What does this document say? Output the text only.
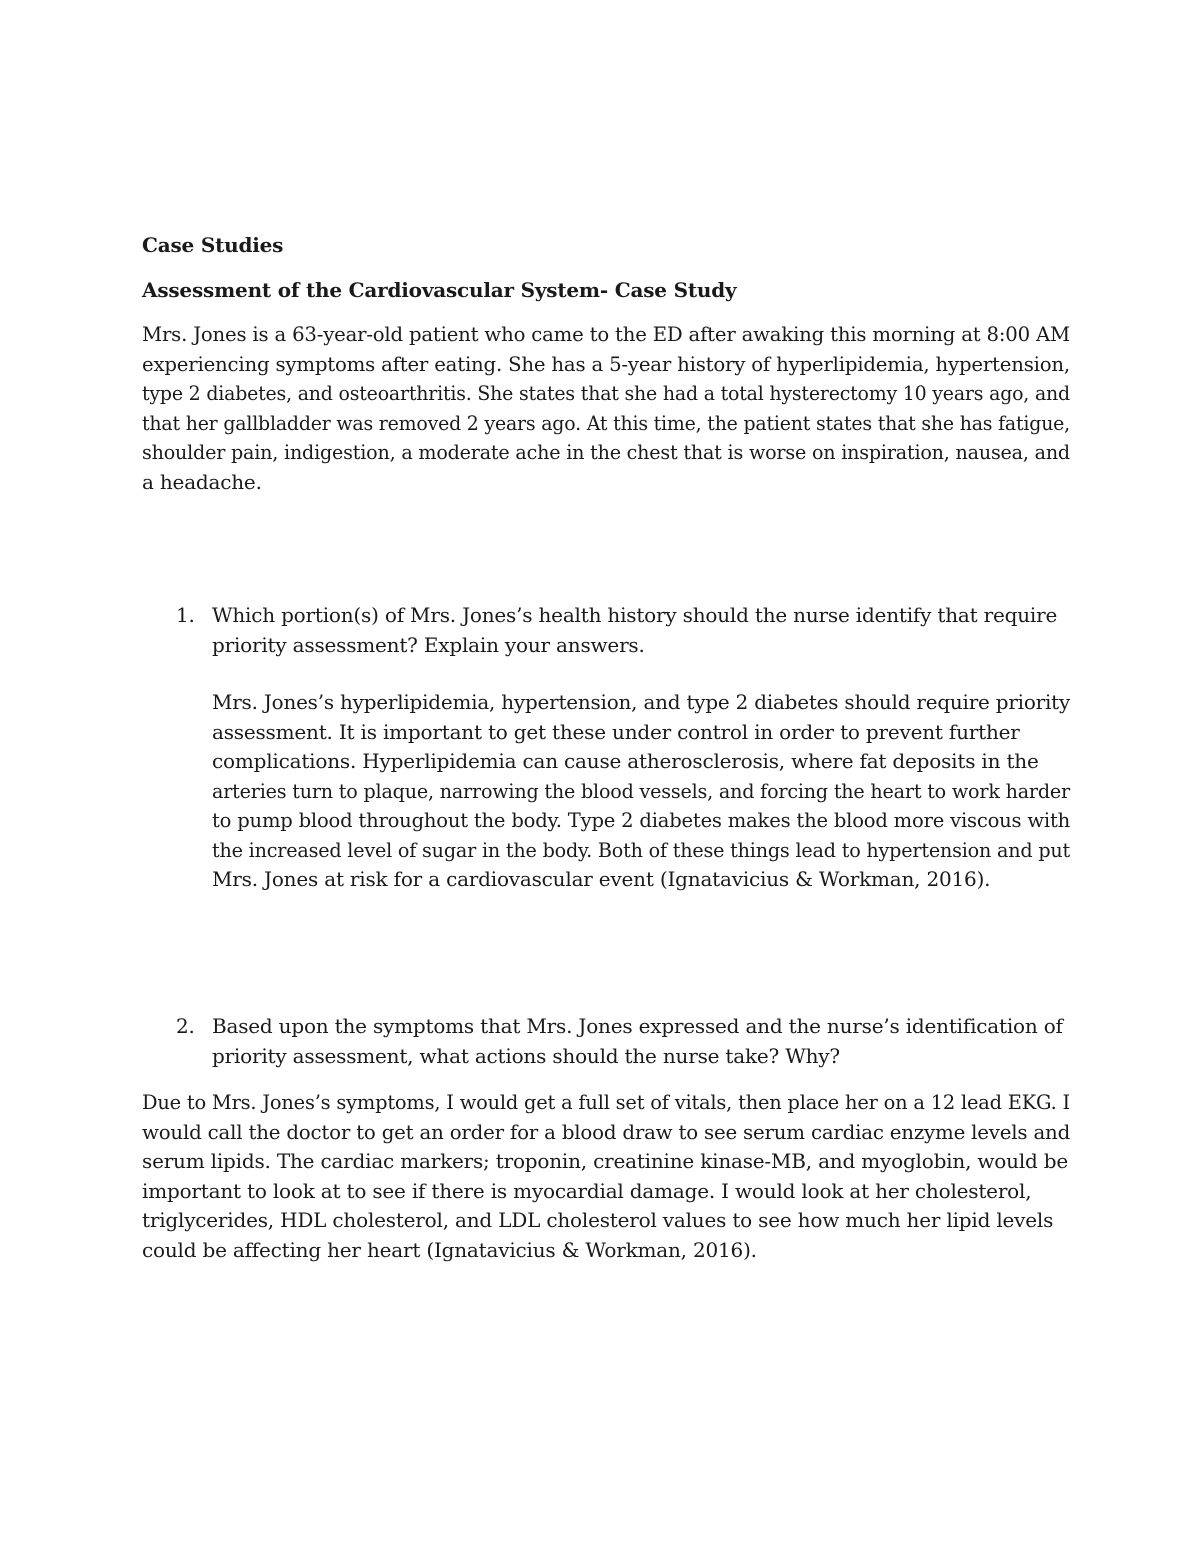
Case Studies
Assessment of the Cardiovascular System- Case Study
Mrs. Jones is a 63-year-old patient who came to the ED after awaking this morning at 8:00 AM
experiencing symptoms after eating. She has a 5-year history of hyperlipidemia, hypertension,
type 2 diabetes, and osteoarthritis. She states that she had a total hysterectomy 10 years ago, and
that her gallbladder was removed 2 years ago. At this time, the patient states that she has fatigue,
shoulder pain, indigestion, a moderate ache in the chest that is worse on inspiration, nausea, and
a headache.
1. Which portion(s) of Mrs. Jones’s health history should the nurse identify that require
priority assessment? Explain your answers.
Mrs. Jones’s hyperlipidemia, hypertension, and type 2 diabetes should require priority
assessment. It is important to get these under control in order to prevent further
complications. Hyperlipidemia can cause atherosclerosis, where fat deposits in the
arteries turn to plaque, narrowing the blood vessels, and forcing the heart to work harder
to pump blood throughout the body. Type 2 diabetes makes the blood more viscous with
the increased level of sugar in the body. Both of these things lead to hypertension and put
Mrs. Jones at risk for a cardiovascular event (Ignatavicius & Workman, 2016).
2. Based upon the symptoms that Mrs. Jones expressed and the nurse’s identification of
priority assessment, what actions should the nurse take? Why?
Due to Mrs. Jones’s symptoms, I would get a full set of vitals, then place her on a 12 lead EKG. I
would call the doctor to get an order for a blood draw to see serum cardiac enzyme levels and
serum lipids. The cardiac markers; troponin, creatinine kinase-MB, and myoglobin, would be
important to look at to see if there is myocardial damage. I would look at her cholesterol,
triglycerides, HDL cholesterol, and LDL cholesterol values to see how much her lipid levels
could be affecting her heart (Ignatavicius & Workman, 2016).
